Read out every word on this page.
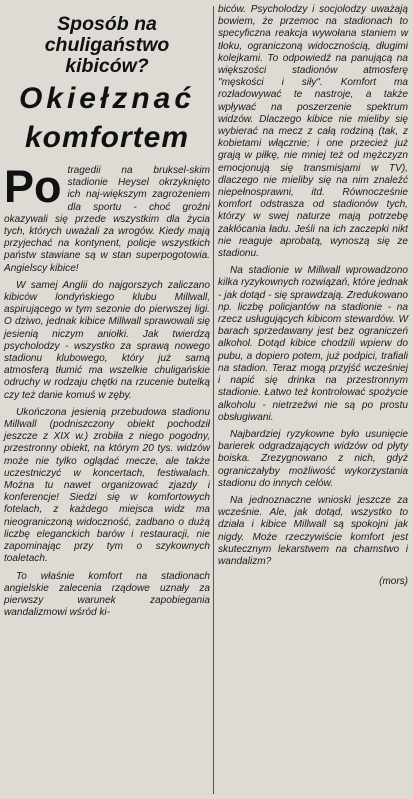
Sposób na chuligaństwo kibiców?
Okiełznać
komfortem

Po tragedii na bruksel-skim stadionie Heysel okrzyknięto ich naj-większym zagrożeniem dla sportu - choć groźni okazywali się przede wszystkim dla życia tych, których uważali za wrogów. Kiedy mają przyjechać na kontynent, policje wszystkich państw stawiane są w stan superpogotowia. Angielscy kibice!

W samej Anglii do najgorszych zaliczano kibiców londyńskiego klubu Millwall, aspirującego w tym sezonie do pierwszej ligi. O dziwo, jednak kibice Millwall sprawowali się jesienią niczym aniołki. Jak twierdzą psycholodzy - wszystko za sprawą nowego stadionu klubowego, który już samą atmosferą tłumić ma wszelkie chuligańskie odruchy w rodzaju chętki na rzucenie butelką czy też danie komuś w zęby.

Ukończona jesienią przebudowa stadionu Millwall (podniszczony obiekt pochodził jeszcze z XIX w.) zrobiła z niego pogodny, przestronny obiekt, na którym 20 tys. widzów może nie tylko oglądać mecze, ale także uczestniczyć w koncertach, festiwalach. Można tu nawet organizować zjazdy i konferencje! Siedzi się w komfortowych fotelach, z każdego miejsca widz ma nieograniczoną widoczność, zadbano o dużą liczbę eleganckich barów i restauracji, nie zapominając przy tym o szykownych toaletach.

To właśnie komfort na stadionach angielskie zalecenia rządowe uznały za pierwszy warunek zapobiegania wandalizmowi wśród ki-

biców. Psycholodzy i socjolodzy uważają bowiem, że przemoc na stadionach to specyficzna reakcja wywołana staniem w tłoku, ograniczoną widocznością, długimi kolejkami. To odpowiedź na panującą na większości stadionów atmosferę "męskości i siły". Komfort ma rozładowywać te nastroje, a także wpływać na poszerzenie spektrum widzów. Dlaczego kibice nie mieliby się wybierać na mecz z całą rodziną (tak, z kobietami włącznie; i one przecież już grają w piłkę, nie mniej też od mężczyzn emocjonują się transmisjami w TV), dlaczego nie mieliby się na nim znaleźć niepełnosprawni, itd. Równocześnie komfort odstrasza od stadionów tych, którzy w swej naturze mają potrzebę zakłócania ładu. Jeśli na ich zaczepki nikt nie reaguje aprobatą, wynoszą się ze stadionu.

Na stadionie w Millwall wprowadzono kilka ryzykownych rozwiązań, które jednak - jak dotąd - się sprawdzają. Zredukowano np. liczbę policjantów na stadionie - na rzecz usługujących kibicom stewardów. W barach sprzedawany jest bez ograniczeń alkohol. Dotąd kibice chodzili wpierw do pubu, a dopiero potem, już podpici, trafiali na stadion. Teraz mogą przyjść wcześniej i napić się drinka na przestronnym stadionie. Łatwo też kontrolować spożycie alkoholu - nietrzeźwi nie są po prostu obsługiwani.

Najbardziej ryzykowne było usunięcie barierek odgradzających widzów od płyty boiska. Zrezygnowano z nich, gdyż ograniczałyby możliwość wykorzystania stadionu do innych celów.

Na jednoznaczne wnioski jeszcze za wcześnie. Ale, jak dotąd, wszystko to działa i kibice Millwall są spokojni jak nigdy. Może rzeczywiście komfort jest skutecznym lekarstwem na chamstwo i wandalizm?

(mors)
